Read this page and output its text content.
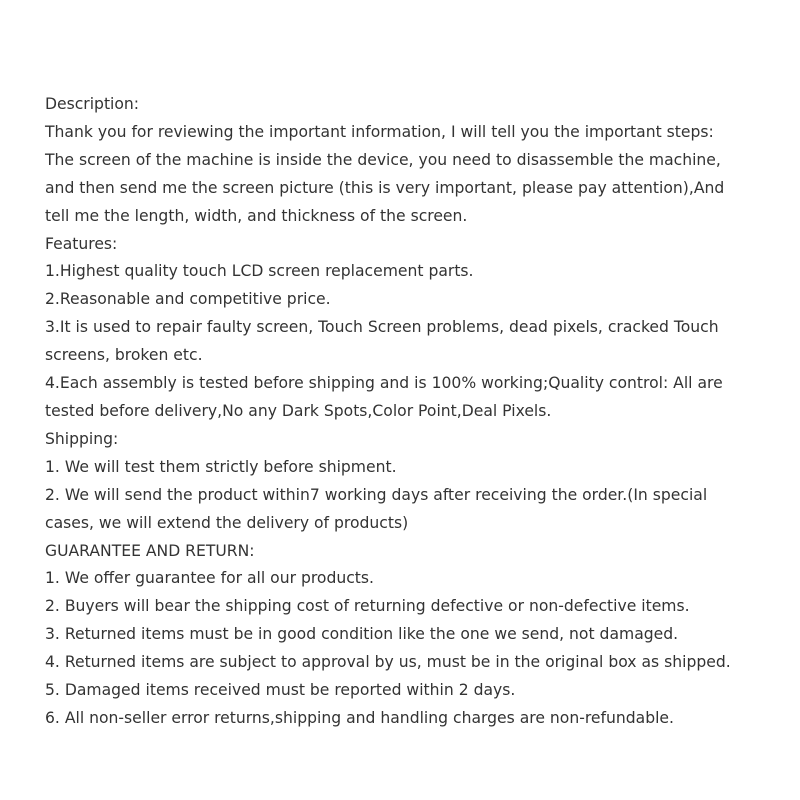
Description:
Thank you for reviewing the important information, I will tell you the important steps:
The screen of the machine is inside the device, you need to disassemble the machine,
and then send me the screen picture (this is very important, please pay attention),And
tell me the length, width, and thickness of the screen.
Features:
1.Highest quality touch LCD screen replacement parts.
2.Reasonable and competitive price.
3.It is used to repair faulty screen, Touch Screen problems, dead pixels, cracked Touch
screens, broken etc.
4.Each assembly is tested before shipping and is 100% working;Quality control: All are
tested before delivery,No any Dark Spots,Color Point,Deal Pixels.
Shipping:
1. We will test them strictly before shipment.
2. We will send the product within7 working days after receiving the order.(In special
cases, we will extend the delivery of products)
GUARANTEE AND RETURN:
1. We offer guarantee for all our products.
2. Buyers will bear the shipping cost of returning defective or non-defective items.
3. Returned items must be in good condition like the one we send, not damaged.
4. Returned items are subject to approval by us, must be in the original box as shipped.
5. Damaged items received must be reported within 2 days.
6. All non-seller error returns,shipping and handling charges are non-refundable.
